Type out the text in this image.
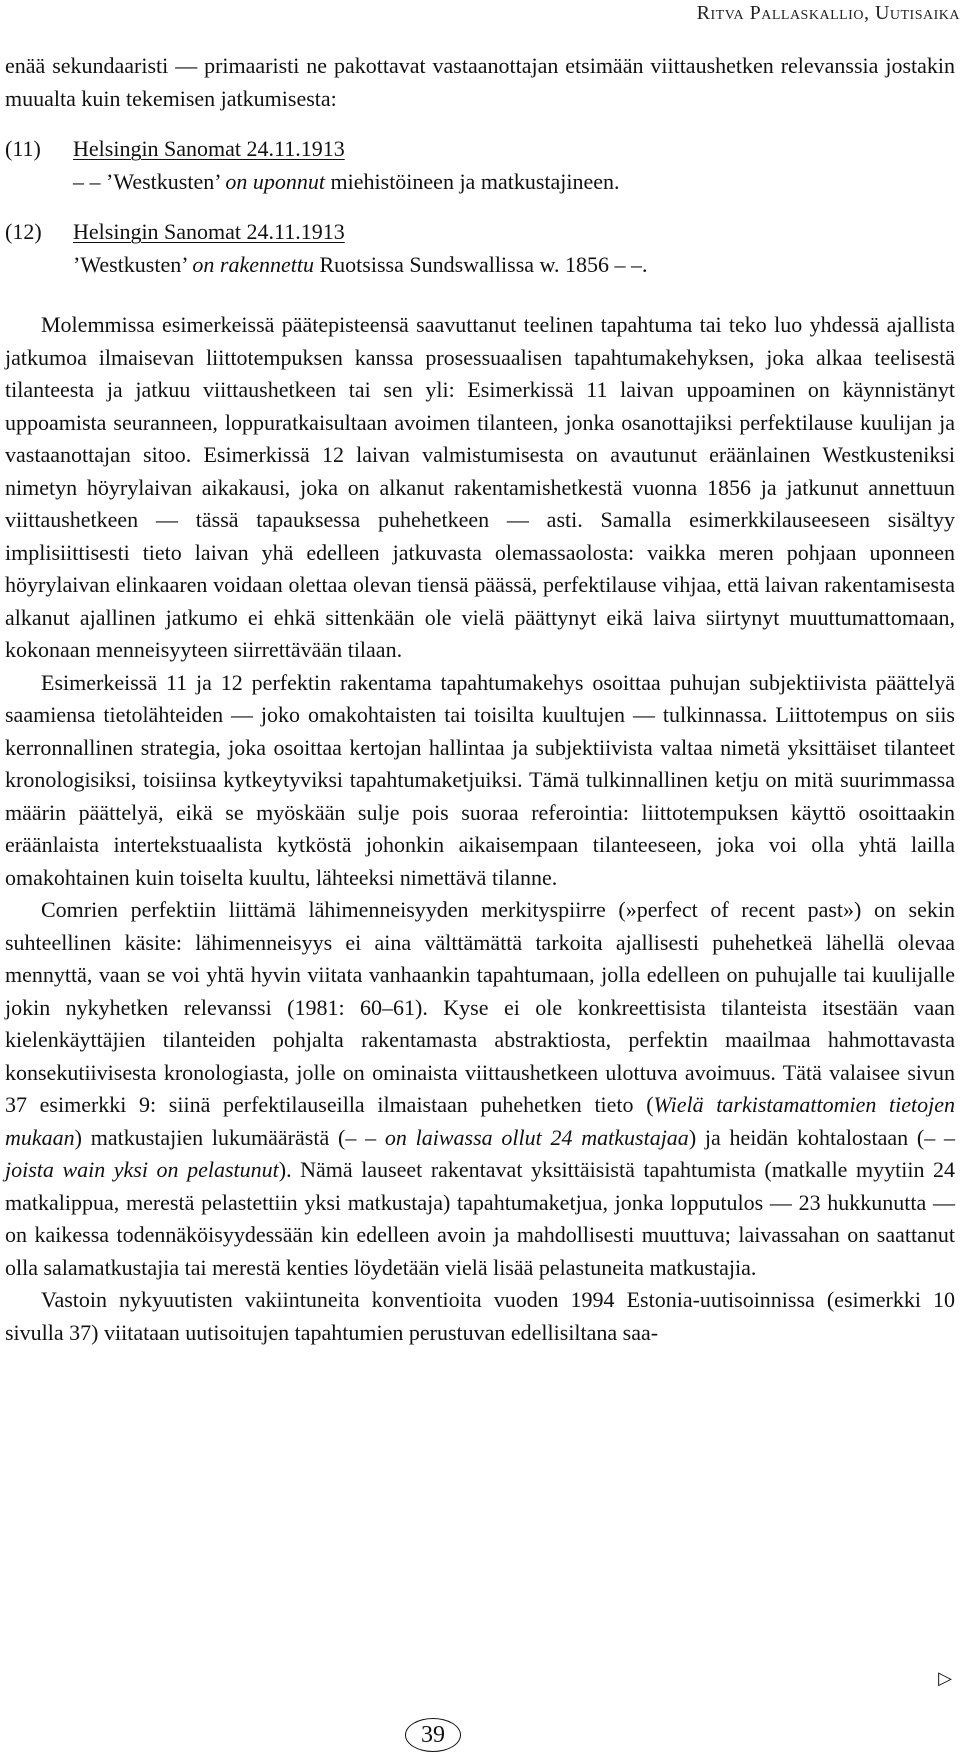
Ritva Pallaskallio, Uutisaika

enää sekundaaristi — primaaristi ne pakottavat vastaanottajan etsimään viittaushetken relevanssia jostakin muualta kuin tekemisen jatkumisesta:

(11)	Helsingin Sanomat 24.11.1913
– – ’Westkusten’ on uponnut miehistöineen ja matkustajineen.
(12)	Helsingin Sanomat 24.11.1913
’Westkusten’ on rakennettu Ruotsissa Sundswallissa w. 1856 – –.

Molemmissa esimerkeissä päätepisteensä saavuttanut teelinen tapahtuma tai teko luo yhdessä ajallista jatkumoa ilmaisevan liittotempuksen kanssa prosessuaalisen tapahtumakehyksen, joka alkaa teelisestä tilanteesta ja jatkuu viittaushetkeen tai sen yli: Esimerkissä 11 laivan uppoaminen on käynnistänyt uppoamista seuranneen, loppuratkaisultaan avoimen tilanteen, jonka osanottajiksi perfektilause kuulijan ja vastaanottajan sitoo. Esimerkissä 12 laivan valmistumisesta on avautunut eräänlainen Westkusteniksi nimetyn höyrylaivan aikakausi, joka on alkanut rakentamishetkestä vuonna 1856 ja jatkunut annettuun viittaushetkeen — tässä tapauksessa puhehetkeen — asti. Samalla esimerkkilauseeseen sisältyy implisiittisesti tieto laivan yhä edelleen jatkuvasta olemassaolosta: vaikka meren pohjaan uponneen höyrylaivan elinkaaren voidaan olettaa olevan tiensä päässä, perfektilause vihjaa, että laivan rakentamisesta alkanut ajallinen jatkumo ei ehkä sittenkään ole vielä päättynyt eikä laiva siirtynyt muuttumattomaan, kokonaan menneisyyteen siirrettävään tilaan.

Esimerkeissä 11 ja 12 perfektin rakentama tapahtumakehys osoittaa puhujan subjektiivista päättelyä saamiensa tietolähteiden — joko omakohtaisten tai toisilta kuultujen — tulkinnassa. Liittotempus on siis kerronnallinen strategia, joka osoittaa kertojan hallintaa ja subjektiivista valtaa nimetä yksittäiset tilanteet kronologisiksi, toisiinsa kytkeytyviksi tapahtumaketjuiksi. Tämä tulkinnallinen ketju on mitä suurimmassa määrin päättelyä, eikä se myöskään sulje pois suoraa referointia: liittotempuksen käyttö osoittaakin eräänlaista intertekstuaalista kytköstä johonkin aikaisempaan tilanteeseen, joka voi olla yhtä lailla omakohtainen kuin toiselta kuultu, lähteeksi nimettävä tilanne.

Comrien perfektiin liittämä lähimenneisyyden merkityspiirre (»perfect of recent past») on sekin suhteellinen käsite: lähimenneisyys ei aina välttämättä tarkoita ajallisesti puhehetkeä lähellä olevaa mennyttä, vaan se voi yhtä hyvin viitata vanhaankin tapahtumaan, jolla edelleen on puhujalle tai kuulijalle jokin nykyhetken relevanssi (1981: 60–61). Kyse ei ole konkreettisista tilanteista itsestään vaan kielenkäyttäjien tilanteiden pohjalta rakentamasta abstraktiosta, perfektin maailmaa hahmottavasta konsekutiivisesta kronologiasta, jolle on ominaista viittaushetkeen ulottuva avoimuus. Tätä valaisee sivun 37 esimerkki 9: siinä perfektilauseilla ilmaistaan puhehetken tieto (Wielä tarkistamattomien tietojen mukaan) matkustajien lukumäärästä (– – on laiwassa ollut 24 matkustajaa) ja heidän kohtalostaan (– – joista wain yksi on pelastunut). Nämä lauseet rakentavat yksittäisistä tapahtumista (matkalle myytiin 24 matkalippua, merestä pelastettiin yksi matkustaja) tapahtumaketjua, jonka lopputulos — 23 hukkunutta — on kaikessa todennäköisyydessään kin edelleen avoin ja mahdollisesti muuttuva; laivassahan on saattanut olla salamatkustajia tai merestä kenties löydetään vielä lisää pelastuneita matkustajia.

Vastoin nykyuutisten vakiintuneita konventioita vuoden 1994 Estonia-uutisoinnissa (esimerkki 10 sivulla 37) viitataan uutisoitujen tapahtumien perustuvan edellisiltana saa-

▷
39
